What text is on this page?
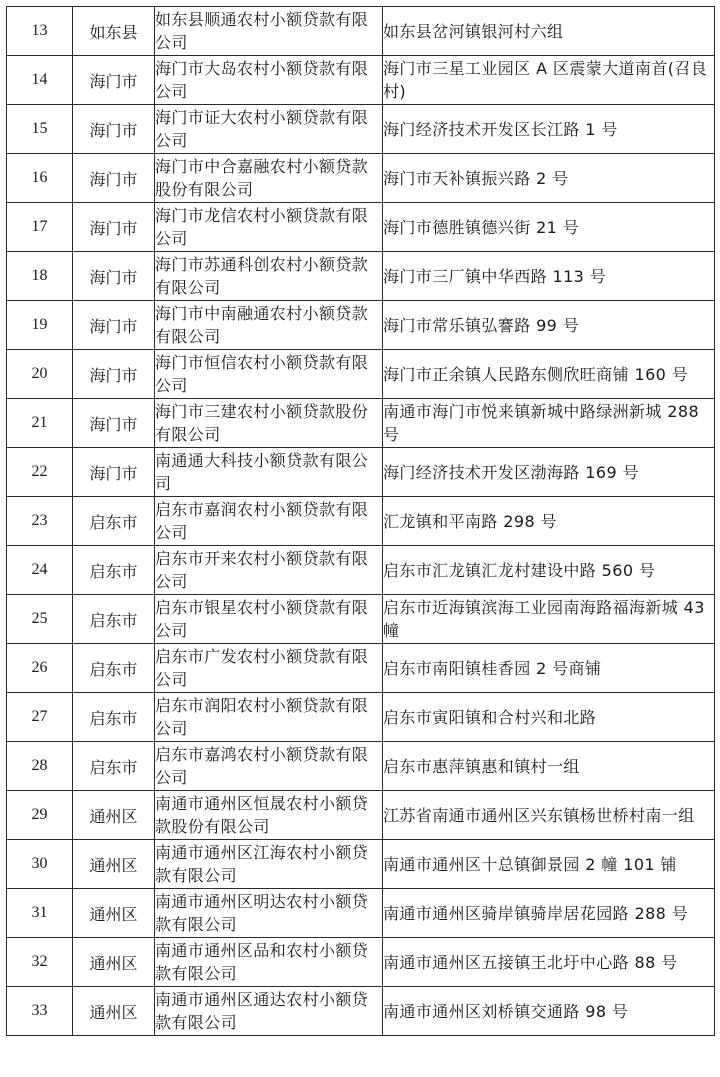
13	如东县	如东县顺通农村小额贷款有限公司	如东县岔河镇银河村六组
14	海门市	海门市大岛农村小额贷款有限公司	海门市三星工业园区 A 区震蒙大道南首(召良村)
15	海门市	海门市证大农村小额贷款有限公司	海门经济技术开发区长江路 1 号
16	海门市	海门市中合嘉融农村小额贷款股份有限公司	海门市天补镇振兴路 2 号
17	海门市	海门市龙信农村小额贷款有限公司	海门市德胜镇德兴街 21 号
18	海门市	海门市苏通科创农村小额贷款有限公司	海门市三厂镇中华西路 113 号
19	海门市	海门市中南融通农村小额贷款有限公司	海门市常乐镇弘謇路 99 号
20	海门市	海门市恒信农村小额贷款有限公司	海门市正余镇人民路东侧欣旺商铺 160 号
21	海门市	海门市三建农村小额贷款股份有限公司	南通市海门市悦来镇新城中路绿洲新城 288 号
22	海门市	南通通大科技小额贷款有限公司	海门经济技术开发区渤海路 169 号
23	启东市	启东市嘉润农村小额贷款有限公司	汇龙镇和平南路 298 号
24	启东市	启东市开来农村小额贷款有限公司	启东市汇龙镇汇龙村建设中路 560 号
25	启东市	启东市银星农村小额贷款有限公司	启东市近海镇滨海工业园南海路福海新城 43 幢
26	启东市	启东市广发农村小额贷款有限公司	启东市南阳镇桂香园 2 号商铺
27	启东市	启东市润阳农村小额贷款有限公司	启东市寅阳镇和合村兴和北路
28	启东市	启东市嘉鸿农村小额贷款有限公司	启东市惠萍镇惠和镇村一组
29	通州区	南通市通州区恒晟农村小额贷款股份有限公司	江苏省南通市通州区兴东镇杨世桥村南一组
30	通州区	南通市通州区江海农村小额贷款有限公司	南通市通州区十总镇御景园 2 幢 101 铺
31	通州区	南通市通州区明达农村小额贷款有限公司	南通市通州区骑岸镇骑岸居花园路 288 号
32	通州区	南通市通州区品和农村小额贷款有限公司	南通市通州区五接镇王北圩中心路 88 号
33	通州区	南通市通州区通达农村小额贷款有限公司	南通市通州区刘桥镇交通路 98 号
